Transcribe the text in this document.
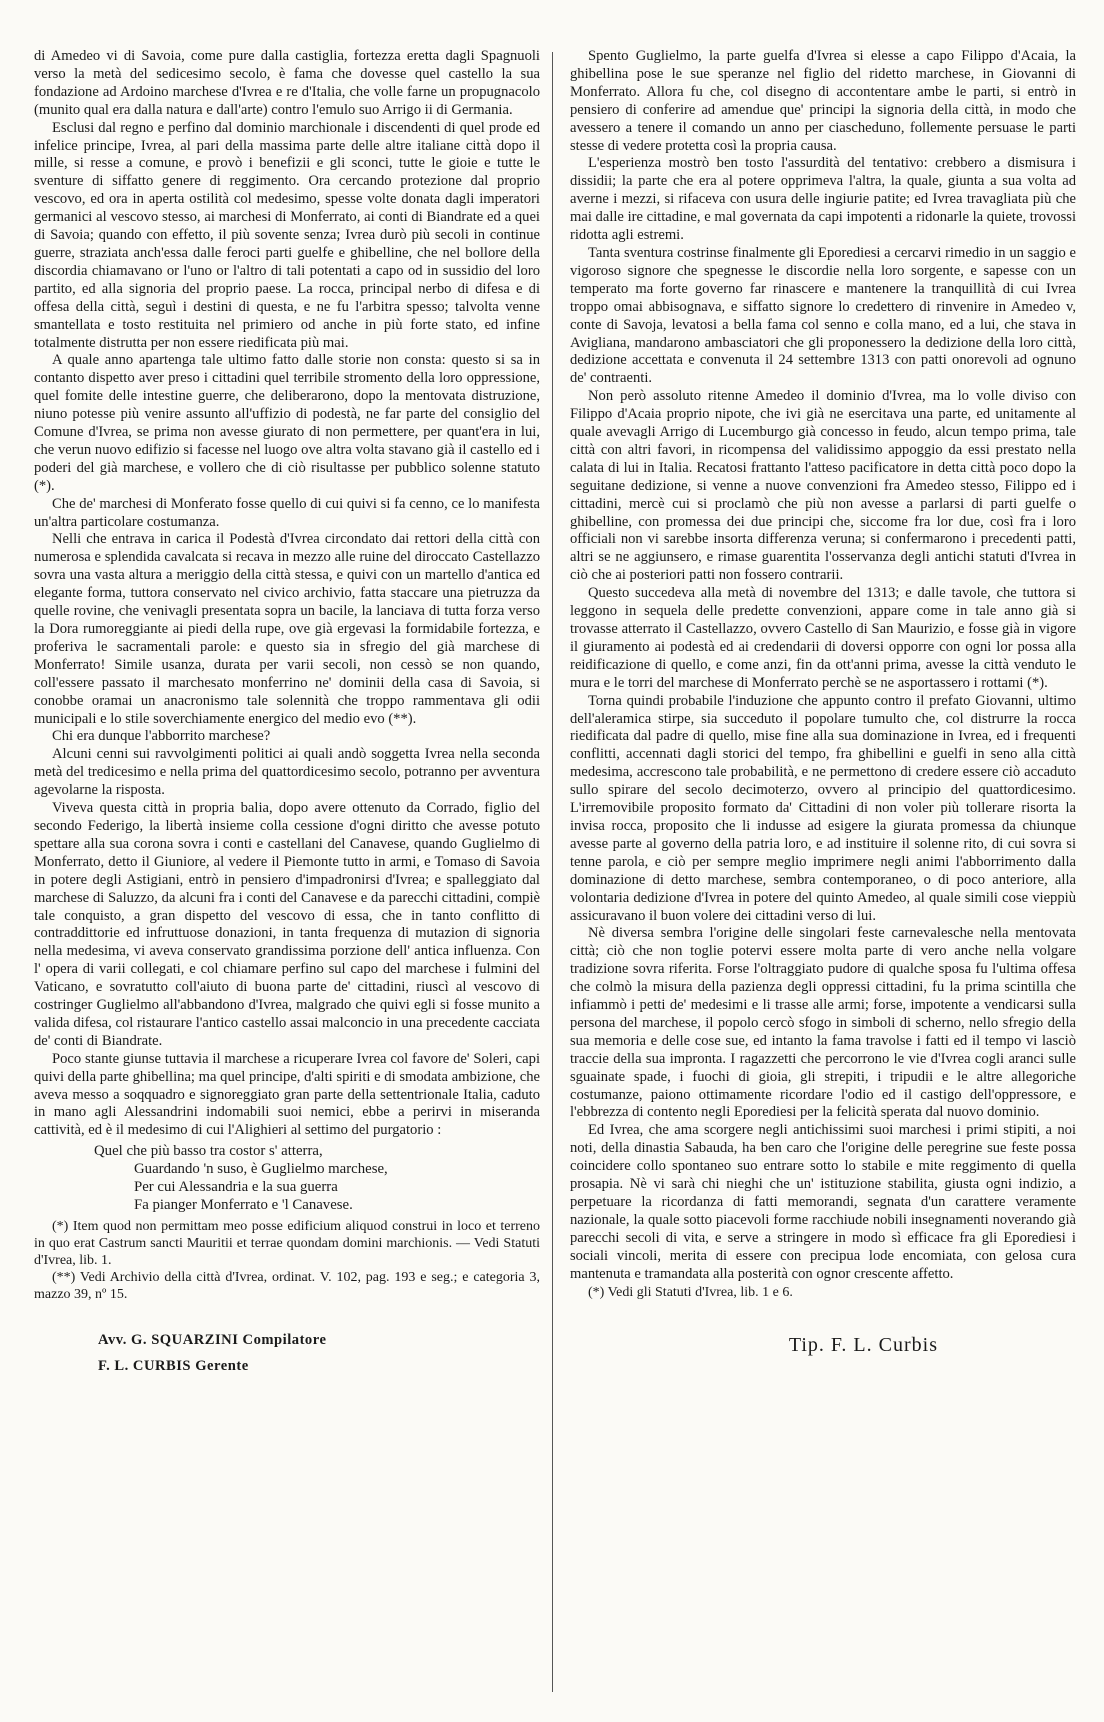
di Amedeo vi di Savoia, come pure dalla castiglia, fortezza eretta dagli Spagnuoli verso la metà del sedicesimo secolo, è fama che dovesse quel castello la sua fondazione ad Ardoino marchese d'Ivrea e re d'Italia, che volle farne un propugnacolo (munito qual era dalla natura e dall'arte) contro l'emulo suo Arrigo ii di Germania.

Esclusi dal regno e perfino dal dominio marchionale i discendenti di quel prode ed infelice principe, Ivrea, al pari della massima parte delle altre italiane città dopo il mille, si resse a comune, e provò i benefizii e gli sconci, tutte le gioie e tutte le sventure di siffatto genere di reggimento. Ora cercando protezione dal proprio vescovo, ed ora in aperta ostilità col medesimo, spesse volte donata dagli imperatori germanici al vescovo stesso, ai marchesi di Monferrato, ai conti di Biandrate ed a quei di Savoia; quando con effetto, il più sovente senza; Ivrea durò più secoli in continue guerre, straziata anch'essa dalle feroci parti guelfe e ghibelline, che nel bollore della discordia chiamavano or l'uno or l'altro di tali potentati a capo od in sussidio del loro partito, ed alla signoria del proprio paese. La rocca, principal nerbo di difesa e di offesa della città, seguì i destini di questa, e ne fu l'arbitra spesso; talvolta venne smantellata e tosto restituita nel primiero od anche in più forte stato, ed infine totalmente distrutta per non essere riedificata più mai.

A quale anno apartenga tale ultimo fatto dalle storie non consta: questo si sa in contanto dispetto aver preso i cittadini quel terribile stromento della loro oppressione, quel fomite delle intestine guerre, che deliberarono, dopo la mentovata distruzione, niuno potesse più venire assunto all'uffizio di podestà, ne far parte del consiglio del Comune d'Ivrea, se prima non avesse giurato di non permettere, per quant'era in lui, che verun nuovo edifizio si facesse nel luogo ove altra volta stavano già il castello ed i poderi del già marchese, e vollero che di ciò risultasse per pubblico solenne statuto (*).

Che de' marchesi di Monferato fosse quello di cui quivi si fa cenno, ce lo manifesta un'altra particolare costumanza.

Nelli che entrava in carica il Podestà d'Ivrea circondato dai rettori della città con numerosa e splendida cavalcata si recava in mezzo alle ruine del diroccato Castellazzo sovra una vasta altura a meriggio della città stessa, e quivi con un martello d'antica ed elegante forma, tuttora conservato nel civico archivio, fatta staccare una pietruzza da quelle rovine, che venivagli presentata sopra un bacile, la lanciava di tutta forza verso la Dora rumoreggiante ai piedi della rupe, ove già ergevasi la formidabile fortezza, e proferiva le sacramentali parole: e questo sia in sfregio del già marchese di Monferrato! Simile usanza, durata per varii secoli, non cessò se non quando, coll'essere passato il marchesato monferrino ne' dominii della casa di Savoia, si conobbe oramai un anacronismo tale solennità che troppo rammentava gli odii municipali e lo stile soverchiamente energico del medio evo (**).

Chi era dunque l'abborrito marchese?

Alcuni cenni sui ravvolgimenti politici ai quali andò soggetta Ivrea nella seconda metà del tredicesimo e nella prima del quattordicesimo secolo, potranno per avventura agevolarne la risposta.

Viveva questa città in propria balia, dopo avere ottenuto da Corrado, figlio del secondo Federigo, la libertà insieme colla cessione d'ogni diritto che avesse potuto spettare alla sua corona sovra i conti e castellani del Canavese, quando Guglielmo di Monferrato, detto il Giuniore, al vedere il Piemonte tutto in armi, e Tomaso di Savoia in potere degli Astigiani, entrò in pensiero d'impadronirsi d'Ivrea; e spalleggiato dal marchese di Saluzzo, da alcuni fra i conti del Canavese e da parecchi cittadini, compiè tale conquisto, a gran dispetto del vescovo di essa, che in tanto conflitto di contraddittorie ed infruttuose donazioni, in tanta frequenza di mutazion di signoria nella medesima, vi aveva conservato grandissima porzione dell' antica influenza. Con l' opera di varii collegati, e col chiamare perfino sul capo del marchese i fulmini del Vaticano, e sovratutto coll'aiuto di buona parte de' cittadini, riuscì al vescovo di costringer Guglielmo all'abbandono d'Ivrea, malgrado che quivi egli si fosse munito a valida difesa, col ristaurare l'antico castello assai malconcio in una precedente cacciata de' conti di Biandrate.

Poco stante giunse tuttavia il marchese a ricuperare Ivrea col favore de' Soleri, capi quivi della parte ghibellina; ma quel principe, d'alti spiriti e di smodata ambizione, che aveva messo a soqquadro e signoreggiato gran parte della settentrionale Italia, caduto in mano agli Alessandrini indomabili suoi nemici, ebbe a perirvi in miseranda cattività, ed è il medesimo di cui l'Alighieri al settimo del purgatorio :

Quel che più basso tra costor s' atterra,
Guardando 'n suso, è Guglielmo marchese,
Per cui Alessandria e la sua guerra
Fa pianger Monferrato e 'l Canavese.

(*) Item quod non permittam meo posse edificium aliquod construi in loco et terreno in quo erat Castrum sancti Mauritii et terrae quondam domini marchionis. — Vedi Statuti d'Ivrea, lib. 1.

(**) Vedi Archivio della città d'Ivrea, ordinat. V. 102, pag. 193 e seg.; e categoria 3, mazzo 39, nº 15.

Avv. G. SQUARZINI Compilatore
F. L. CURBIS Gerente

Spento Guglielmo, la parte guelfa d'Ivrea si elesse a capo Filippo d'Acaia, la ghibellina pose le sue speranze nel figlio del ridetto marchese, in Giovanni di Monferrato. Allora fu che, col disegno di accontentare ambe le parti, si entrò in pensiero di conferire ad amendue que' principi la signoria della città, in modo che avessero a tenere il comando un anno per ciascheduno, follemente persuase le parti stesse di vedere protetta così la propria causa.

L'esperienza mostrò ben tosto l'assurdità del tentativo: crebbero a dismisura i dissidii; la parte che era al potere opprimeva l'altra, la quale, giunta a sua volta ad averne i mezzi, si rifaceva con usura delle ingiurie patite; ed Ivrea travagliata più che mai dalle ire cittadine, e mal governata da capi impotenti a ridonarle la quiete, trovossi ridotta agli estremi.

Tanta sventura costrinse finalmente gli Eporediesi a cercarvi rimedio in un saggio e vigoroso signore che spegnesse le discordie nella loro sorgente, e sapesse con un temperato ma forte governo far rinascere e mantenere la tranquillità di cui Ivrea troppo omai abbisognava, e siffatto signore lo credettero di rinvenire in Amedeo v, conte di Savoja, levatosi a bella fama col senno e colla mano, ed a lui, che stava in Avigliana, mandarono ambasciatori che gli proponessero la dedizione della loro città, dedizione accettata e convenuta il 24 settembre 1313 con patti onorevoli ad ognuno de' contraenti.

Non però assoluto ritenne Amedeo il dominio d'Ivrea, ma lo volle diviso con Filippo d'Acaia proprio nipote, che ivi già ne esercitava una parte, ed unitamente al quale avevagli Arrigo di Lucemburgo già concesso in feudo, alcun tempo prima, tale città con altri favori, in ricompensa del validissimo appoggio da essi prestato nella calata di lui in Italia. Recatosi frattanto l'atteso pacificatore in detta città poco dopo la seguitane dedizione, si venne a nuove convenzioni fra Amedeo stesso, Filippo ed i cittadini, mercè cui si proclamò che più non avesse a parlarsi di parti guelfe o ghibelline, con promessa dei due principi che, siccome fra lor due, così fra i loro officiali non vi sarebbe insorta differenza veruna; si confermarono i precedenti patti, altri se ne aggiunsero, e rimase guarentita l'osservanza degli antichi statuti d'Ivrea in ciò che ai posteriori patti non fossero contrarii.

Questo succedeva alla metà di novembre del 1313; e dalle tavole, che tuttora si leggono in sequela delle predette convenzioni, appare come in tale anno già si trovasse atterrato il Castellazzo, ovvero Castello di San Maurizio, e fosse già in vigore il giuramento ai podestà ed ai credendarii di doversi opporre con ogni lor possa alla reidificazione di quello, e come anzi, fin da ott'anni prima, avesse la città venduto le mura e le torri del marchese di Monferrato perchè se ne asportassero i rottami (*).

Torna quindi probabile l'induzione che appunto contro il prefato Giovanni, ultimo dell'aleramica stirpe, sia succeduto il popolare tumulto che, col distrurre la rocca riedificata dal padre di quello, mise fine alla sua dominazione in Ivrea, ed i frequenti conflitti, accennati dagli storici del tempo, fra ghibellini e guelfi in seno alla città medesima, accrescono tale probabilità, e ne permettono di credere essere ciò accaduto sullo spirare del secolo decimoterzo, ovvero al principio del quattordicesimo. L'irremovibile proposito formato da' Cittadini di non voler più tollerare risorta la invisa rocca, proposito che li indusse ad esigere la giurata promessa da chiunque avesse parte al governo della patria loro, e ad instituire il solenne rito, di cui sovra si tenne parola, e ciò per sempre meglio imprimere negli animi l'abborrimento dalla dominazione di detto marchese, sembra contemporaneo, o di poco anteriore, alla volontaria dedizione d'Ivrea in potere del quinto Amedeo, al quale simili cose vieppiù assicuravano il buon volere dei cittadini verso di lui.

Nè diversa sembra l'origine delle singolari feste carnevalesche nella mentovata città; ciò che non toglie potervi essere molta parte di vero anche nella volgare tradizione sovra riferita. Forse l'oltraggiato pudore di qualche sposa fu l'ultima offesa che colmò la misura della pazienza degli oppressi cittadini, fu la prima scintilla che infiammò i petti de' medesimi e li trasse alle armi; forse, impotente a vendicarsi sulla persona del marchese, il popolo cercò sfogo in simboli di scherno, nello sfregio della sua memoria e delle cose sue, ed intanto la fama travolse i fatti ed il tempo vi lasciò traccie della sua impronta. I ragazzetti che percorrono le vie d'Ivrea cogli aranci sulle sguainate spade, i fuochi di gioia, gli strepiti, i tripudii e le altre allegoriche costumanze, paiono ottimamente ricordare l'odio ed il castigo dell'oppressore, e l'ebbrezza di contento negli Eporediesi per la felicità sperata dal nuovo dominio.

Ed Ivrea, che ama scorgere negli antichissimi suoi marchesi i primi stipiti, a noi noti, della dinastia Sabauda, ha ben caro che l'origine delle peregrine sue feste possa coincidere collo spontaneo suo entrare sotto lo stabile e mite reggimento di quella prosapia. Nè vi sarà chi nieghi che un' istituzione stabilita, giusta ogni indizio, a perpetuare la ricordanza di fatti memorandi, segnata d'un carattere veramente nazionale, la quale sotto piacevoli forme racchiude nobili insegnamenti noverando già parecchi secoli di vita, e serve a stringere in modo sì efficace fra gli Eporediesi i sociali vincoli, merita di essere con precipua lode encomiata, con gelosa cura mantenuta e tramandata alla posterità con ognor crescente affetto.

(*) Vedi gli Statuti d'Ivrea, lib. 1 e 6.

Tip. F. L. Curbis
